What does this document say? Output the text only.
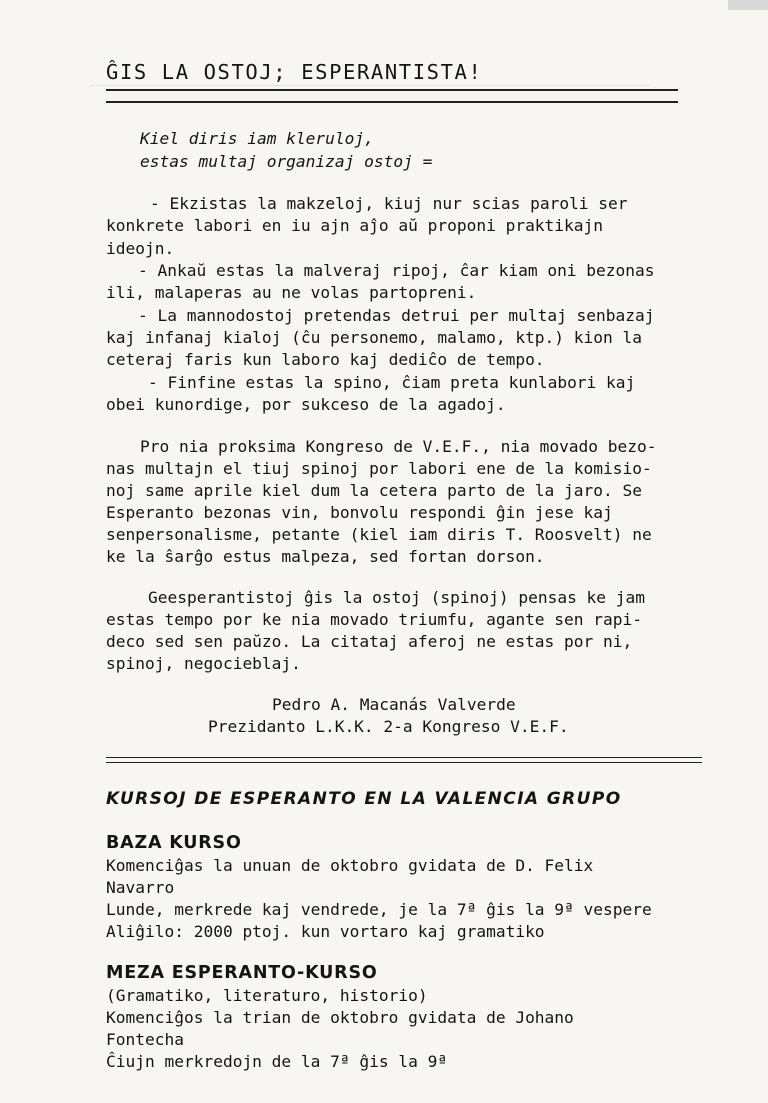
ĜIS LA OSTOJ; ESPERANTISTA!
Kiel diris iam kleruloj,
estas multaj organizaj ostoj =
- Ekzistas la makzeloj, kiuj nur scias paroli ser
konkrete labori en iu ajn aĵo aŭ proponi praktikajn
ideojn.
- Ankaŭ estas la malveraj ripoj, ĉar kiam oni bezonas
ili, malaperas au ne volas partopreni.
- La mannodostoj pretendas detrui per multaj senbazaj
kaj infanaj kialoj (ĉu personemo, malamo, ktp.) kion la
ceteraj faris kun laboro kaj dediĉo de tempo.
- Finfine estas la spino, ĉiam preta kunlabori kaj
obei kunordige, por sukceso de la agadoj.
Pro nia proksima Kongreso de V.E.F., nia movado bezo-
nas multajn el tiuj spinoj por labori ene de la komisio-
noj same aprile kiel dum la cetera parto de la jaro. Se
Esperanto bezonas vin, bonvolu respondi ĝin jese kaj
senpersonalisme, petante (kiel iam diris T. Roosvelt) ne
ke la ŝarĝo estus malpeza, sed fortan dorson.
Geesperantistoj ĝis la ostoj (spinoj) pensas ke jam
estas tempo por ke nia movado triumfu, agante sen rapi-
deco sed sen paŭzo. La citataj aferoj ne estas por ni,
spinoj, negocieblaj.
Pedro A. Macanás Valverde
Prezidanto L.K.K. 2-a Kongreso V.E.F.
KURSOJ DE ESPERANTO EN LA VALENCIA GRUPO
BAZA KURSO
Komenciĝas la unuan de oktobro gvidata de D. Felix
Navarro
Lunde, merkrede kaj vendrede, je la 7ª ĝis la 9ª vespere
Aliĝilo: 2000 ptoj. kun vortaro kaj gramatiko
MEZA ESPERANTO-KURSO
(Gramatiko, literaturo, historio)
Komenciĝos la trian de oktobro gvidata de Johano
Fontecha
Ĉiujn merkredojn de la 7ª ĝis la 9ª
